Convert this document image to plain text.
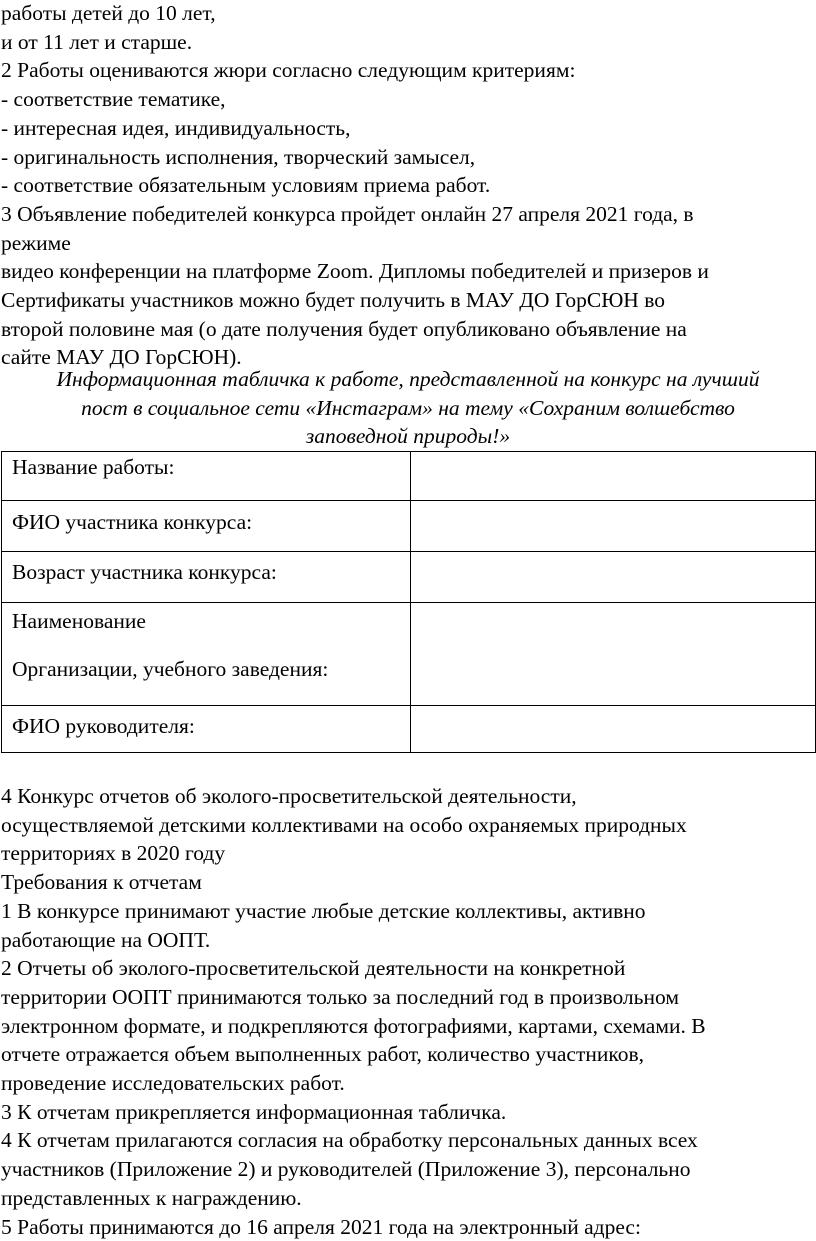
работы детей до 10 лет,

и от 11 лет и старше.

2 Работы оцениваются жюри согласно следующим критериям:

- соответствие тематике,

- интересная идея, индивидуальность,

- оригинальность исполнения, творческий замысел,

- соответствие обязательным условиям приема работ.

3 Объявление победителей конкурса пройдет онлайн 27 апреля 2021 года, в

режиме

видео конференции на платформе Zoom. Дипломы победителей и призеров и

Сертификаты участников можно будет получить в МАУ ДО ГорСЮН во

второй половине мая (о дате получения будет опубликовано объявление на

сайте МАУ ДО ГорСЮН).

Информационная табличка к работе, представленной на конкурс на лучший

пост в социальное сети «Инстаграм» на тему «Сохраним волшебство

заповедной природы!»

Название работы:	
ФИО участника конкурса:	
Возраст участника конкурса:	
Наименование
Организации, учебного заведения:	

ФИО руководителя:	

4 Конкурс отчетов об эколого-просветительской деятельности,

осуществляемой детскими коллективами на особо охраняемых природных

территориях в 2020 году

Требования к отчетам

1 В конкурсе принимают участие любые детские коллективы, активно

работающие на ООПТ.

2 Отчеты об эколого-просветительской деятельности на конкретной

территории ООПТ принимаются только за последний год в произвольном

электронном формате, и подкрепляются фотографиями, картами, схемами. В

отчете отражается объем выполненных работ, количество участников,

проведение исследовательских работ.

3 К отчетам прикрепляется информационная табличка.

4 К отчетам прилагаются согласия на обработку персональных данных всех

участников (Приложение 2) и руководителей (Приложение 3), персонально

представленных к награждению.

5 Работы принимаются до 16 апреля 2021 года на электронный адрес:
